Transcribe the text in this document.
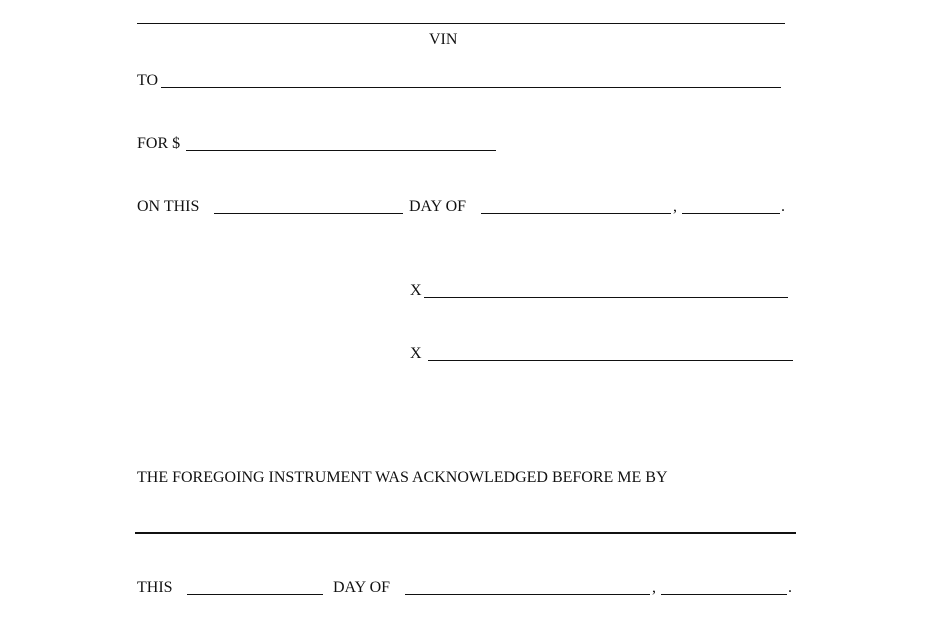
VIN
TO
FOR $
ON THIS	DAY OF	,	.
X
X
THE FOREGOING INSTRUMENT WAS ACKNOWLEDGED BEFORE ME BY
THIS	DAY OF	,	.
